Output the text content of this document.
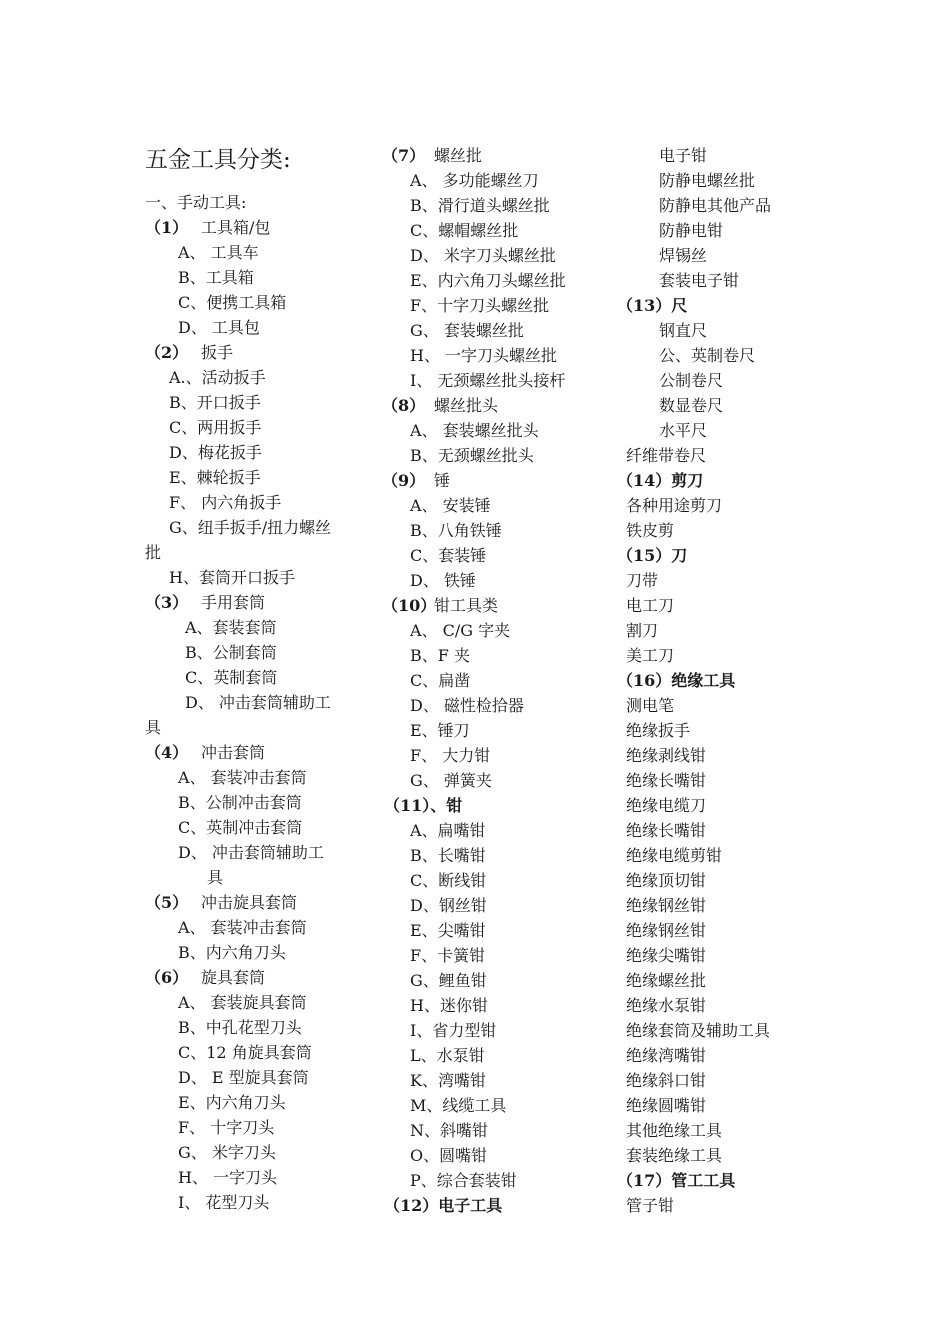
五金工具分类:
一、手动工具:
（1） 工具箱/包
A、 工具车
B、工具箱
C、便携工具箱
D、 工具包
（2） 扳手
A.、活动扳手
B、开口扳手
C、两用扳手
D、梅花扳手
E、棘轮扳手
F、 内六角扳手
G、纽手扳手/扭力螺丝
批
H、套筒开口扳手
（3） 手用套筒
A、套装套筒
B、公制套筒
C、英制套筒
D、 冲击套筒辅助工
具
（4） 冲击套筒
A、 套装冲击套筒
B、公制冲击套筒
C、英制冲击套筒
D、 冲击套筒辅助工
具
（5） 冲击旋具套筒
A、 套装冲击套筒
B、内六角刀头
（6） 旋具套筒
A、 套装旋具套筒
B、中孔花型刀头
C、12 角旋具套筒
D、 E 型旋具套筒
E、内六角刀头
F、 十字刀头
G、 米字刀头
H、 一字刀头
I、 花型刀头
（7） 螺丝批
A、 多功能螺丝刀
B、滑行道头螺丝批
C、螺帽螺丝批
D、 米字刀头螺丝批
E、内六角刀头螺丝批
F、十字刀头螺丝批
G、 套装螺丝批
H、 一字刀头螺丝批
I、 无颈螺丝批头接杆
（8） 螺丝批头
A、 套装螺丝批头
B、无颈螺丝批头
（9） 锤
A、 安装锤
B、八角铁锤
C、套装锤
D、 铁锤
（10）
钳工具类
A、 C/G 字夹
B、F 夹
C、扁凿
D、 磁性检拾器
E、锤刀
F、 大力钳
G、 弹簧夹
（11）、钳
A、扁嘴钳
B、长嘴钳
C、断线钳
D、钢丝钳
E、尖嘴钳
F、卡簧钳
G、鲤鱼钳
H、迷你钳
I、省力型钳
L、水泵钳
K、湾嘴钳
M、线缆工具
N、斜嘴钳
O、圆嘴钳
P、综合套装钳
（12）电子工具
电子钳
防静电螺丝批
防静电其他产品
防静电钳
焊锡丝
套装电子钳
（13）尺
钢直尺
公、英制卷尺
公制卷尺
数显卷尺
水平尺
纤维带卷尺
（14）剪刀
各种用途剪刀
铁皮剪
（15）刀
刀带
电工刀
割刀
美工刀
（16）绝缘工具
测电笔
绝缘扳手
绝缘剥线钳
绝缘长嘴钳
绝缘电缆刀
绝缘长嘴钳
绝缘电缆剪钳
绝缘顶切钳
绝缘钢丝钳
绝缘钢丝钳
绝缘尖嘴钳
绝缘螺丝批
绝缘水泵钳
绝缘套筒及辅助工具
绝缘湾嘴钳
绝缘斜口钳
绝缘圆嘴钳
其他绝缘工具
套装绝缘工具
（17）管工工具
管子钳
